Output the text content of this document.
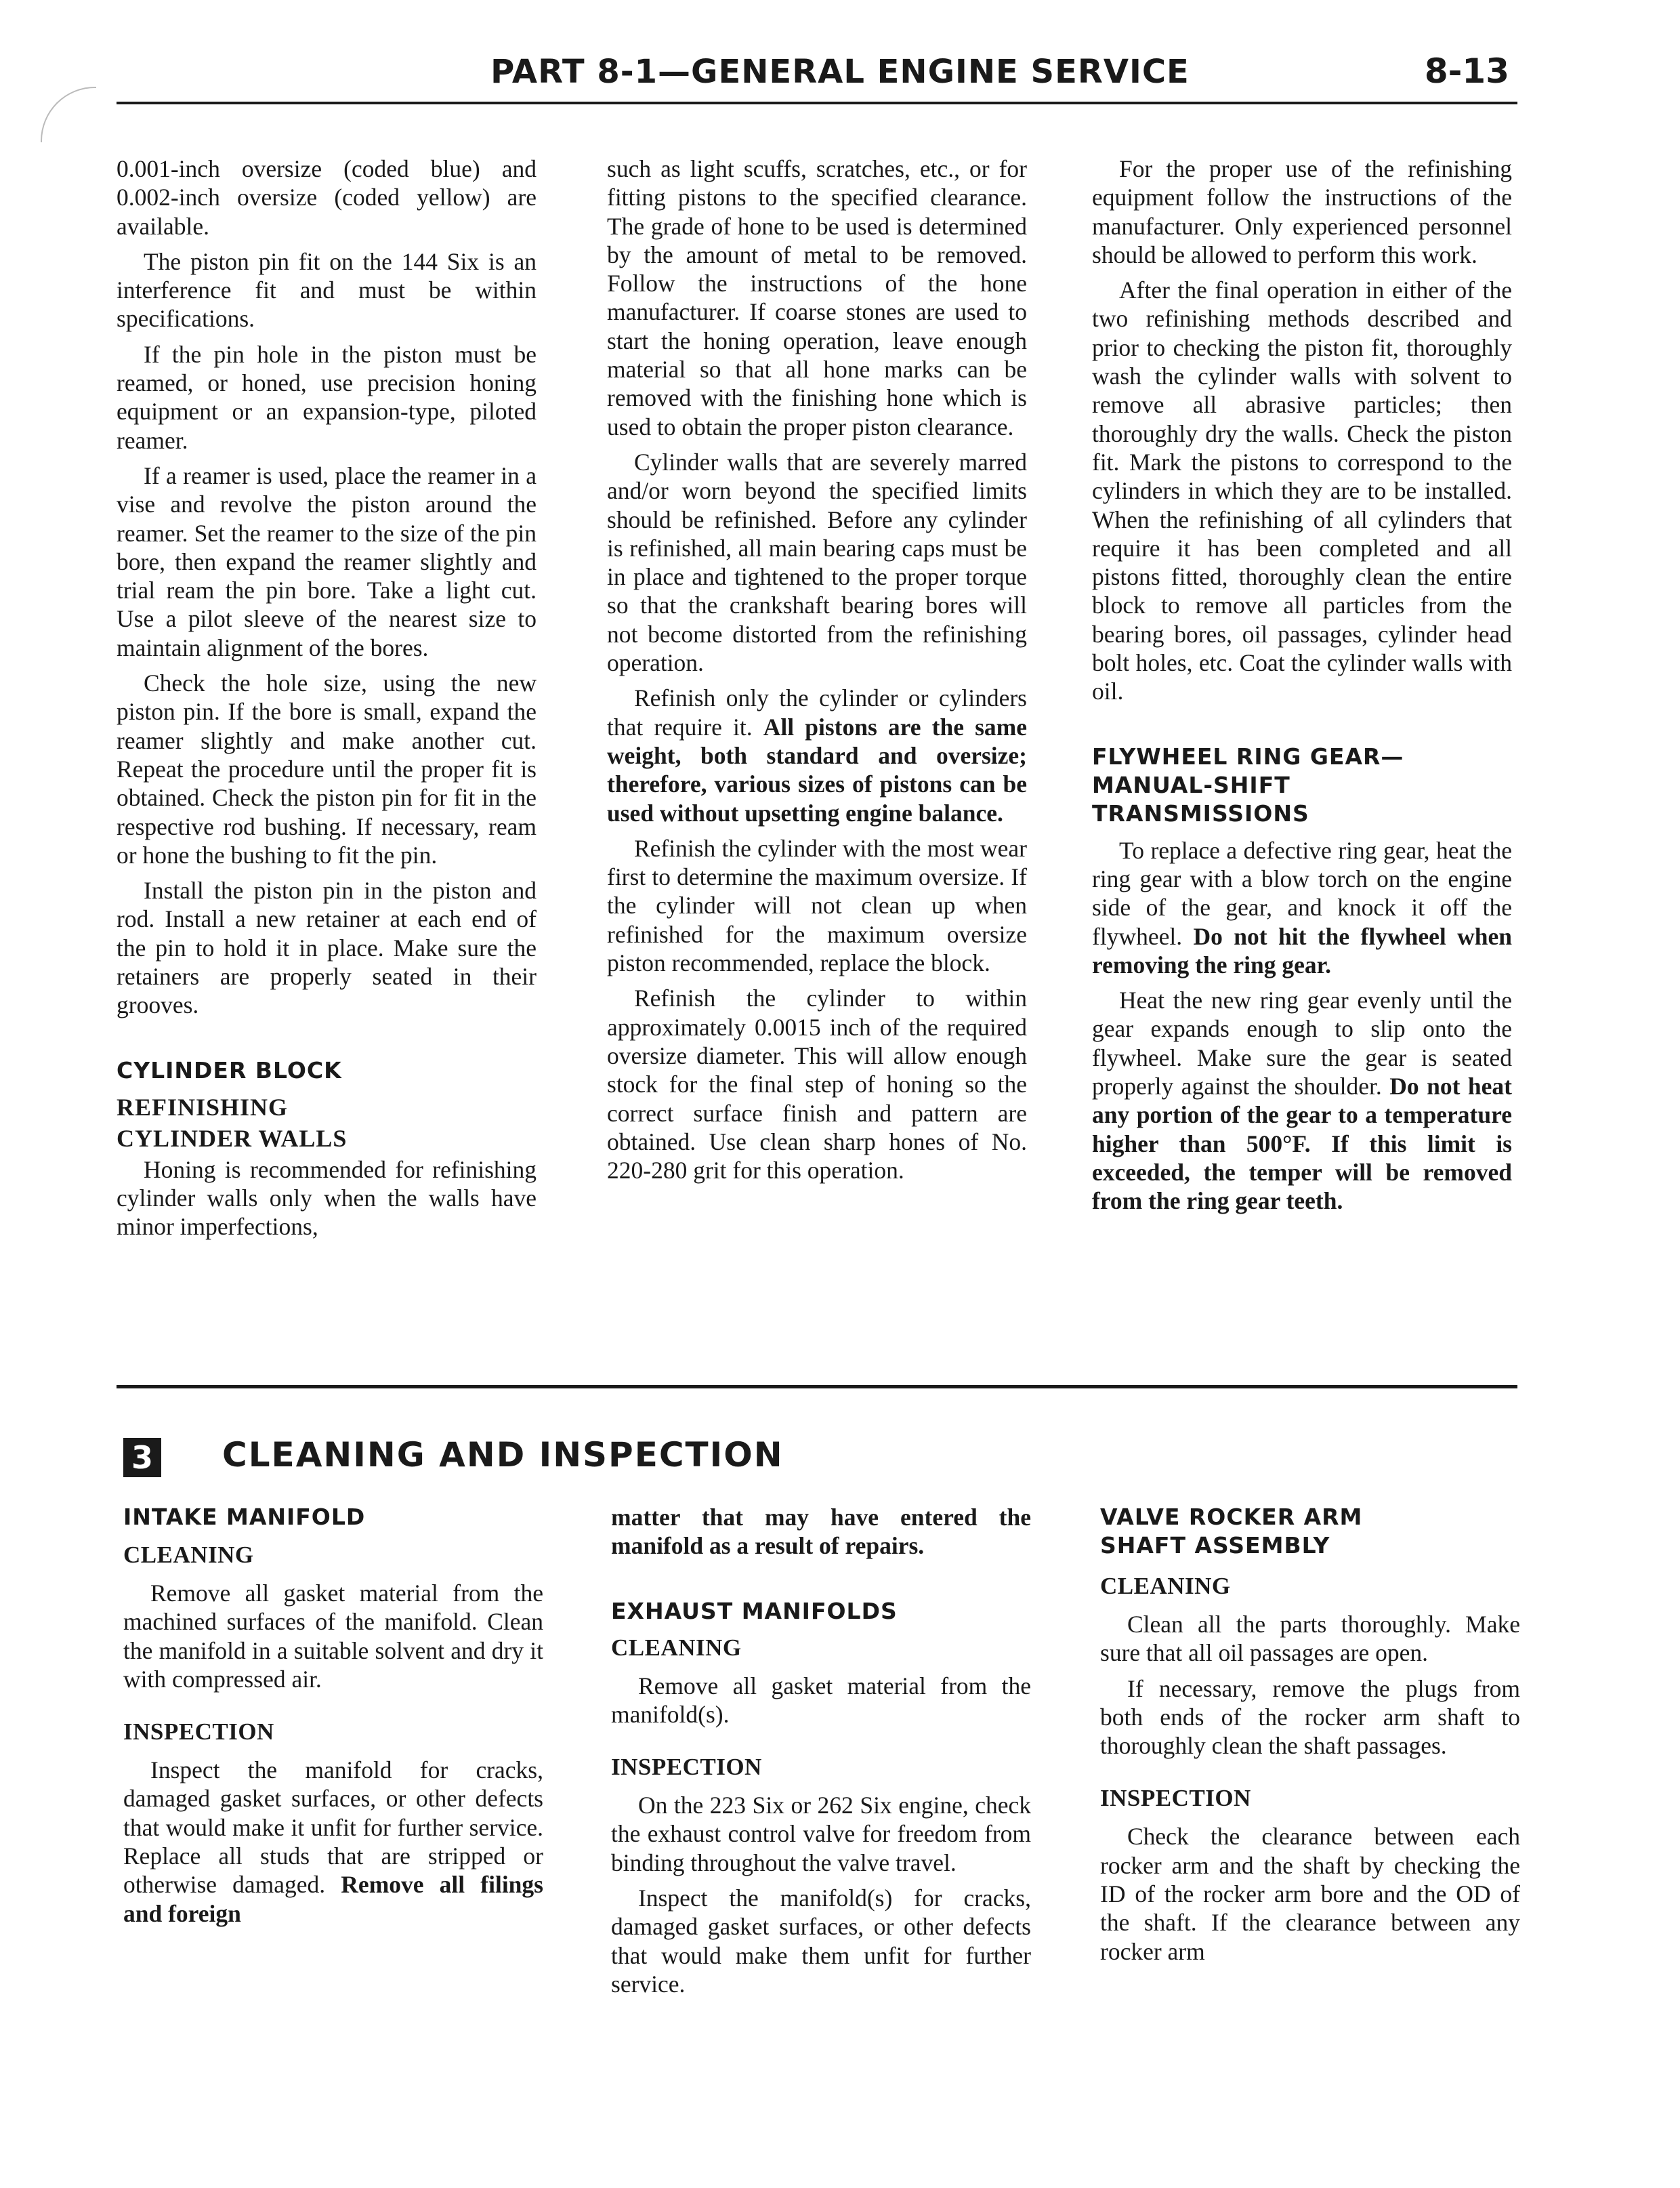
PART 8-1—GENERAL ENGINE SERVICE	8-13

0.001-inch oversize (coded blue) and 0.002-inch oversize (coded yellow) are available.

The piston pin fit on the 144 Six is an interference fit and must be within specifications.

If the pin hole in the piston must be reamed, or honed, use precision honing equipment or an expansion-type, piloted reamer.

If a reamer is used, place the reamer in a vise and revolve the piston around the reamer. Set the reamer to the size of the pin bore, then expand the reamer slightly and trial ream the pin bore. Take a light cut. Use a pilot sleeve of the nearest size to maintain alignment of the bores.

Check the hole size, using the new piston pin. If the bore is small, expand the reamer slightly and make another cut. Repeat the procedure until the proper fit is obtained. Check the piston pin for fit in the respective rod bushing. If necessary, ream or hone the bushing to fit the pin.

Install the piston pin in the piston and rod. Install a new retainer at each end of the pin to hold it in place. Make sure the retainers are properly seated in their grooves.

CYLINDER BLOCK
REFINISHING
CYLINDER WALLS

Honing is recommended for refinishing cylinder walls only when the walls have minor imperfections,

such as light scuffs, scratches, etc., or for fitting pistons to the specified clearance. The grade of hone to be used is determined by the amount of metal to be removed. Follow the instructions of the hone manufacturer. If coarse stones are used to start the honing operation, leave enough material so that all hone marks can be removed with the finishing hone which is used to obtain the proper piston clearance.

Cylinder walls that are severely marred and/or worn beyond the specified limits should be refinished. Before any cylinder is refinished, all main bearing caps must be in place and tightened to the proper torque so that the crankshaft bearing bores will not become distorted from the refinishing operation.

Refinish only the cylinder or cylinders that require it. All pistons are the same weight, both standard and oversize; therefore, various sizes of pistons can be used without upsetting engine balance.

Refinish the cylinder with the most wear first to determine the maximum oversize. If the cylinder will not clean up when refinished for the maximum oversize piston recommended, replace the block.

Refinish the cylinder to within approximately 0.0015 inch of the required oversize diameter. This will allow enough stock for the final step of honing so the correct surface finish and pattern are obtained. Use clean sharp hones of No. 220-280 grit for this operation.

For the proper use of the refinishing equipment follow the instructions of the manufacturer. Only experienced personnel should be allowed to perform this work.

After the final operation in either of the two refinishing methods described and prior to checking the piston fit, thoroughly wash the cylinder walls with solvent to remove all abrasive particles; then thoroughly dry the walls. Check the piston fit. Mark the pistons to correspond to the cylinders in which they are to be installed. When the refinishing of all cylinders that require it has been completed and all pistons fitted, thoroughly clean the entire block to remove all particles from the bearing bores, oil passages, cylinder head bolt holes, etc. Coat the cylinder walls with oil.

FLYWHEEL RING GEAR—
MANUAL-SHIFT
TRANSMISSIONS

To replace a defective ring gear, heat the ring gear with a blow torch on the engine side of the gear, and knock it off the flywheel. Do not hit the flywheel when removing the ring gear.

Heat the new ring gear evenly until the gear expands enough to slip onto the flywheel. Make sure the gear is seated properly against the shoulder. Do not heat any portion of the gear to a temperature higher than 500°F. If this limit is exceeded, the temper will be removed from the ring gear teeth.

3 CLEANING AND INSPECTION
INTAKE MANIFOLD
CLEANING

Remove all gasket material from the machined surfaces of the manifold. Clean the manifold in a suitable solvent and dry it with compressed air.

INSPECTION

Inspect the manifold for cracks, damaged gasket surfaces, or other defects that would make it unfit for further service. Replace all studs that are stripped or otherwise damaged. Remove all filings and foreign

matter that may have entered the manifold as a result of repairs.

EXHAUST MANIFOLDS
CLEANING

Remove all gasket material from the manifold(s).

INSPECTION

On the 223 Six or 262 Six engine, check the exhaust control valve for freedom from binding throughout the valve travel.

Inspect the manifold(s) for cracks, damaged gasket surfaces, or other defects that would make them unfit for further service.

VALVE ROCKER ARM
SHAFT ASSEMBLY
CLEANING

Clean all the parts thoroughly. Make sure that all oil passages are open.

If necessary, remove the plugs from both ends of the rocker arm shaft to thoroughly clean the shaft passages.

INSPECTION

Check the clearance between each rocker arm and the shaft by checking the ID of the rocker arm bore and the OD of the shaft. If the clearance between any rocker arm
